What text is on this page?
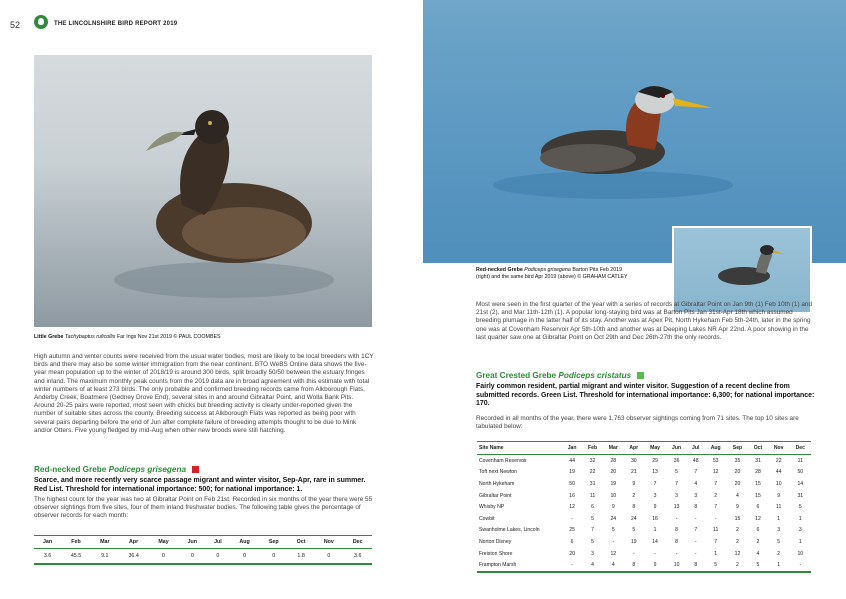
52	THE LINCOLNSHIRE BIRD REPORT 2019
Little Grebe Tachybaptus ruficollis Far Ings Nov 21st 2019 © PAUL COOMBES
High autumn and winter counts were received from the usual water bodies, most are likely to be local breeders with 1CY birds and there may also be some winter immigration from the near continent. BTO WeBS Online data shows the five-year mean population up to the winter of 2018/19 is around 300 birds, split broadly 50/50 between the estuary fringes and inland. The maximum monthly peak counts from the 2019 data are in broad agreement with this estimate with total winter numbers of at least 273 birds. The only probable and confirmed breeding records came from Alkborough Flats, Anderby Creek, Boatmere (Gedney Drove End), several sites in and around Gibraltar Point, and Wolla Bank Pits. Around 20-25 pairs were reported, most seen with chicks but breeding activity is clearly under-reported given the number of suitable sites across the county. Breeding success at Alkborough Flats was reported as being poor with several pairs departing before the end of Jun after complete failure of breeding attempts thought to be due to Mink and/or Otters. Five young fledged by mid-Aug when other new broods were still hatching.
Red-necked Grebe Podiceps grisegena
Scarce, and more recently very scarce passage migrant and winter visitor, Sep-Apr, rare in summer. Red List. Threshold for international importance: 500; for national importance: 1.
The highest count for the year was two at Gibraltar Point on Feb 21st. Recorded in six months of the year there were 55 observer sightings from five sites, four of them inland freshwater bodies. The following table gives the percentage of observer records for each month:
Jan	Feb	Mar	Apr	May	Jun	Jul	Aug	Sep	Oct	Nov	Dec
3.6	45.5	9.1	36.4	0	0	0	0	0	1.8	0	3.6
Red-necked Grebe Podiceps grisegena Barton Pits Feb 2019
(right) and the same bird Apr 2019 (above) © GRAHAM CATLEY
Most were seen in the first quarter of the year with a series of records at Gibraltar Point on Jan 9th (1) Feb 10th (1) and 21st (2), and Mar 11th-12th (1). A popular long-staying bird was at Barton Pits Jan 31st-Apr 18th which assumed breeding plumage in the latter half of its stay. Another was at Apex Pit, North Hykeham Feb 5th-24th, later in the spring one was at Covenham Reservoir Apr 5th-10th and another was at Deeping Lakes NR Apr 22nd. A poor showing in the last quarter saw one at Gibraltar Point on Oct 29th and Dec 26th-27th the only records.
Great Crested Grebe Podiceps cristatus
Fairly common resident, partial migrant and winter visitor. Suggestion of a recent decline from submitted records. Green List. Threshold for international importance: 6,300; for national importance: 170.
Recorded in all months of the year, there were 1,763 observer sightings coming from 71 sites. The top 10 sites are tabulated below:
Site Name	Jan	Feb	Mar	Apr	May	Jun	Jul	Aug	Sep	Oct	Nov	Dec
Covenham Reservoir	44	32	28	30	29	36	48	53	35	31	22	11
Toft next Newton	19	22	20	21	13	5	7	12	20	28	44	50
North Hykeham	50	31	19	9	7	7	4	7	20	15	10	14
Gibraltar Point	16	11	10	2	3	3	3	2	4	15	9	31
Whisby NP	12	6	9	8	9	13	8	7	9	6	11	5
Cowbit	-	5	24	24	16	-	-	-	15	12	1	1
Swanholme Lakes, Lincoln	25	7	5	5	1	8	7	11	2	6	3	3
Norton Disney	6	5	-	19	14	8	-	7	2	2	5	1
Freiston Shore	20	3	12	-	-	-	-	1	12	4	2	10
Frampton Marsh	-	4	4	8	9	10	8	5	2	5	1	-
